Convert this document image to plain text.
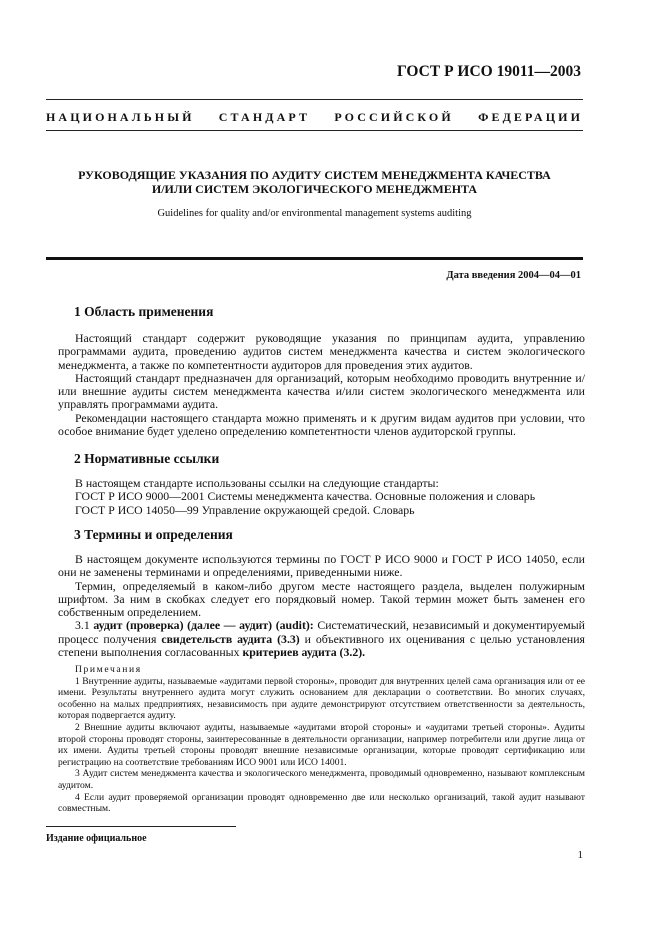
ГОСТ Р ИСО 19011—2003
НАЦИОНАЛЬНЫЙ СТАНДАРТ РОССИЙСКОЙ ФЕДЕРАЦИИ
РУКОВОДЯЩИЕ УКАЗАНИЯ ПО АУДИТУ СИСТЕМ МЕНЕДЖМЕНТА КАЧЕСТВА
И/ИЛИ СИСТЕМ ЭКОЛОГИЧЕСКОГО МЕНЕДЖМЕНТА
Guidelines for quality and/or environmental management systems auditing
Дата введения 2004—04—01
1 Область применения

Настоящий стандарт содержит руководящие указания по принципам аудита, управлению программами аудита, проведению аудитов систем менеджмента качества и систем экологического менеджмента, а также по компетентности аудиторов для проведения этих аудитов.

Настоящий стандарт предназначен для организаций, которым необходимо проводить внутренние и/или внешние аудиты систем менеджмента качества и/или систем экологического менеджмента или управлять программами аудита.

Рекомендации настоящего стандарта можно применять и к другим видам аудитов при условии, что особое внимание будет уделено определению компетентности членов аудиторской группы.

2 Нормативные ссылки

В настоящем стандарте использованы ссылки на следующие стандарты:

ГОСТ Р ИСО 9000—2001 Системы менеджмента качества. Основные положения и словарь

ГОСТ Р ИСО 14050—99 Управление окружающей средой. Словарь

3 Термины и определения

В настоящем документе используются термины по ГОСТ Р ИСО 9000 и ГОСТ Р ИСО 14050, если они не заменены терминами и определениями, приведенными ниже.

Термин, определяемый в каком-либо другом месте настоящего раздела, выделен полужирным шрифтом. За ним в скобках следует его порядковый номер. Такой термин может быть заменен его собственным определением.

3.1 аудит (проверка) (далее — аудит) (audit): Систематический, независимый и документируемый процесс получения свидетельств аудита (3.3) и объективного их оценивания с целью установления степени выполнения согласованных критериев аудита (3.2).

Примечания

1 Внутренние аудиты, называемые «аудитами первой стороны», проводит для внутренних целей сама организация или от ее имени. Результаты внутреннего аудита могут служить основанием для декларации о соответствии. Во многих случаях, особенно на малых предприятиях, независимость при аудите демонстрируют отсутствием ответственности за деятельность, которая подвергается аудиту.

2 Внешние аудиты включают аудиты, называемые «аудитами второй стороны» и «аудитами третьей стороны». Аудиты второй стороны проводят стороны, заинтересованные в деятельности организации, например потребители или другие лица от их имени. Аудиты третьей стороны проводят внешние независимые организации, которые проводят сертификацию или регистрацию на соответствие требованиям ИСО 9001 или ИСО 14001.

3 Аудит систем менеджмента качества и экологического менеджмента, проводимый одновременно, называют комплексным аудитом.

4 Если аудит проверяемой организации проводят одновременно две или несколько организаций, такой аудит называют совместным.

Издание официальное
1
